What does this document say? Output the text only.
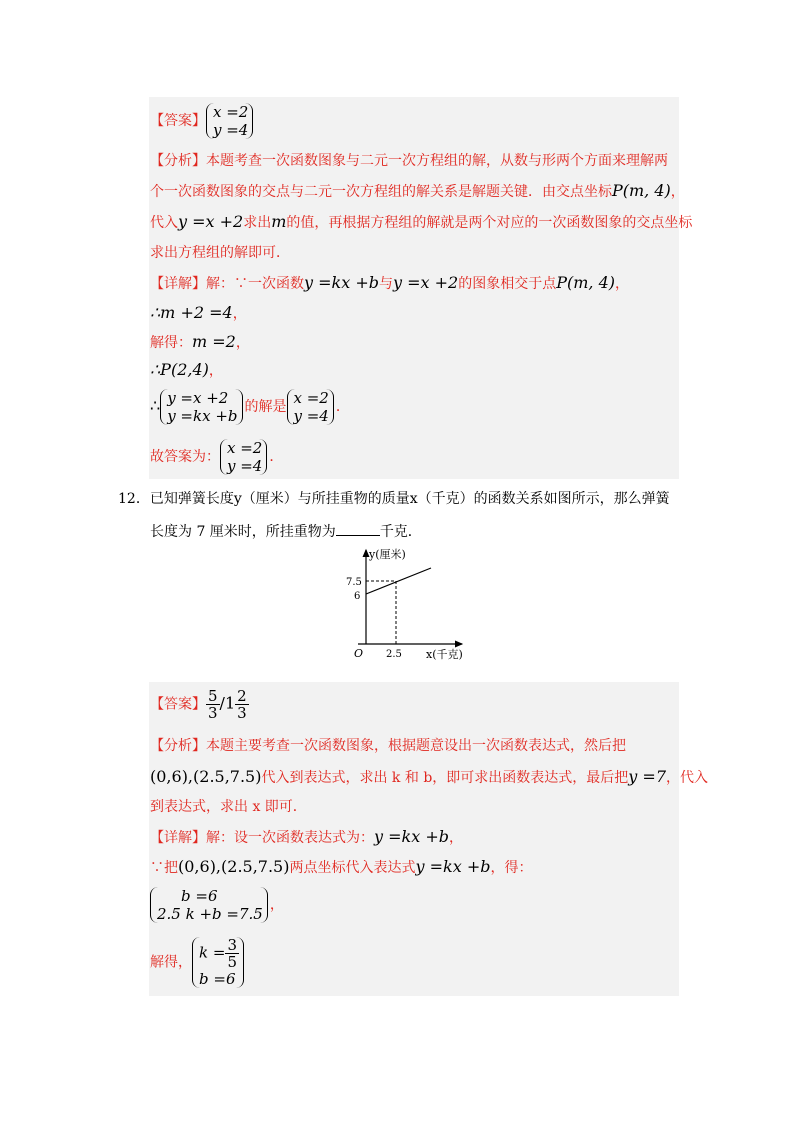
【答案】 x =2
y =4
【分析】本题考查一次函数图象与二元一次方程组的解，从数与形两个方面来理解两
个一次函数图象的交点与二元一次方程组的解关系是解题关键．由交点坐标P(m, 4)，
代入y =x +2求出m的值，再根据方程组的解就是两个对应的一次函数图象的交点坐标
求出方程组的解即可．
【详解】解：∵一次函数y =kx +b与y =x +2的图象相交于点P(m, 4)，
∴m +2 =4，
解得：m =2，
∴P(2,4)，
∴ y =x +2
y =kx +b 的解是 x =2
y =4 ．
故答案为： x =2
y =4 ．
12．已知弹簧长度y（厘米）与所挂重物的质量x（千克）的函数关系如图所示，那么弹簧
长度为 7 厘米时，所挂重物为	千克．
y(厘米)
7.5
6
O 2.5 x(千克)
【答案】 $\frac{5}{3} /1 \frac{2}{3}$
【分析】本题主要考查一次函数图象，根据题意设出一次函数表达式，然后把
(0,6),(2.5,7.5)代入到表达式，求出 k 和 b，即可求出函数表达式，最后把y =7，代入
到表达式，求出 x 即可．
【详解】解：设一次函数表达式为：y =kx +b，
∵把(0,6),(2.5,7.5)两点坐标代入表达式y =kx +b，得：
b =6
2.5 k +b =7.5 ，
解得，
$k = \frac{3}{5}$
b =6
